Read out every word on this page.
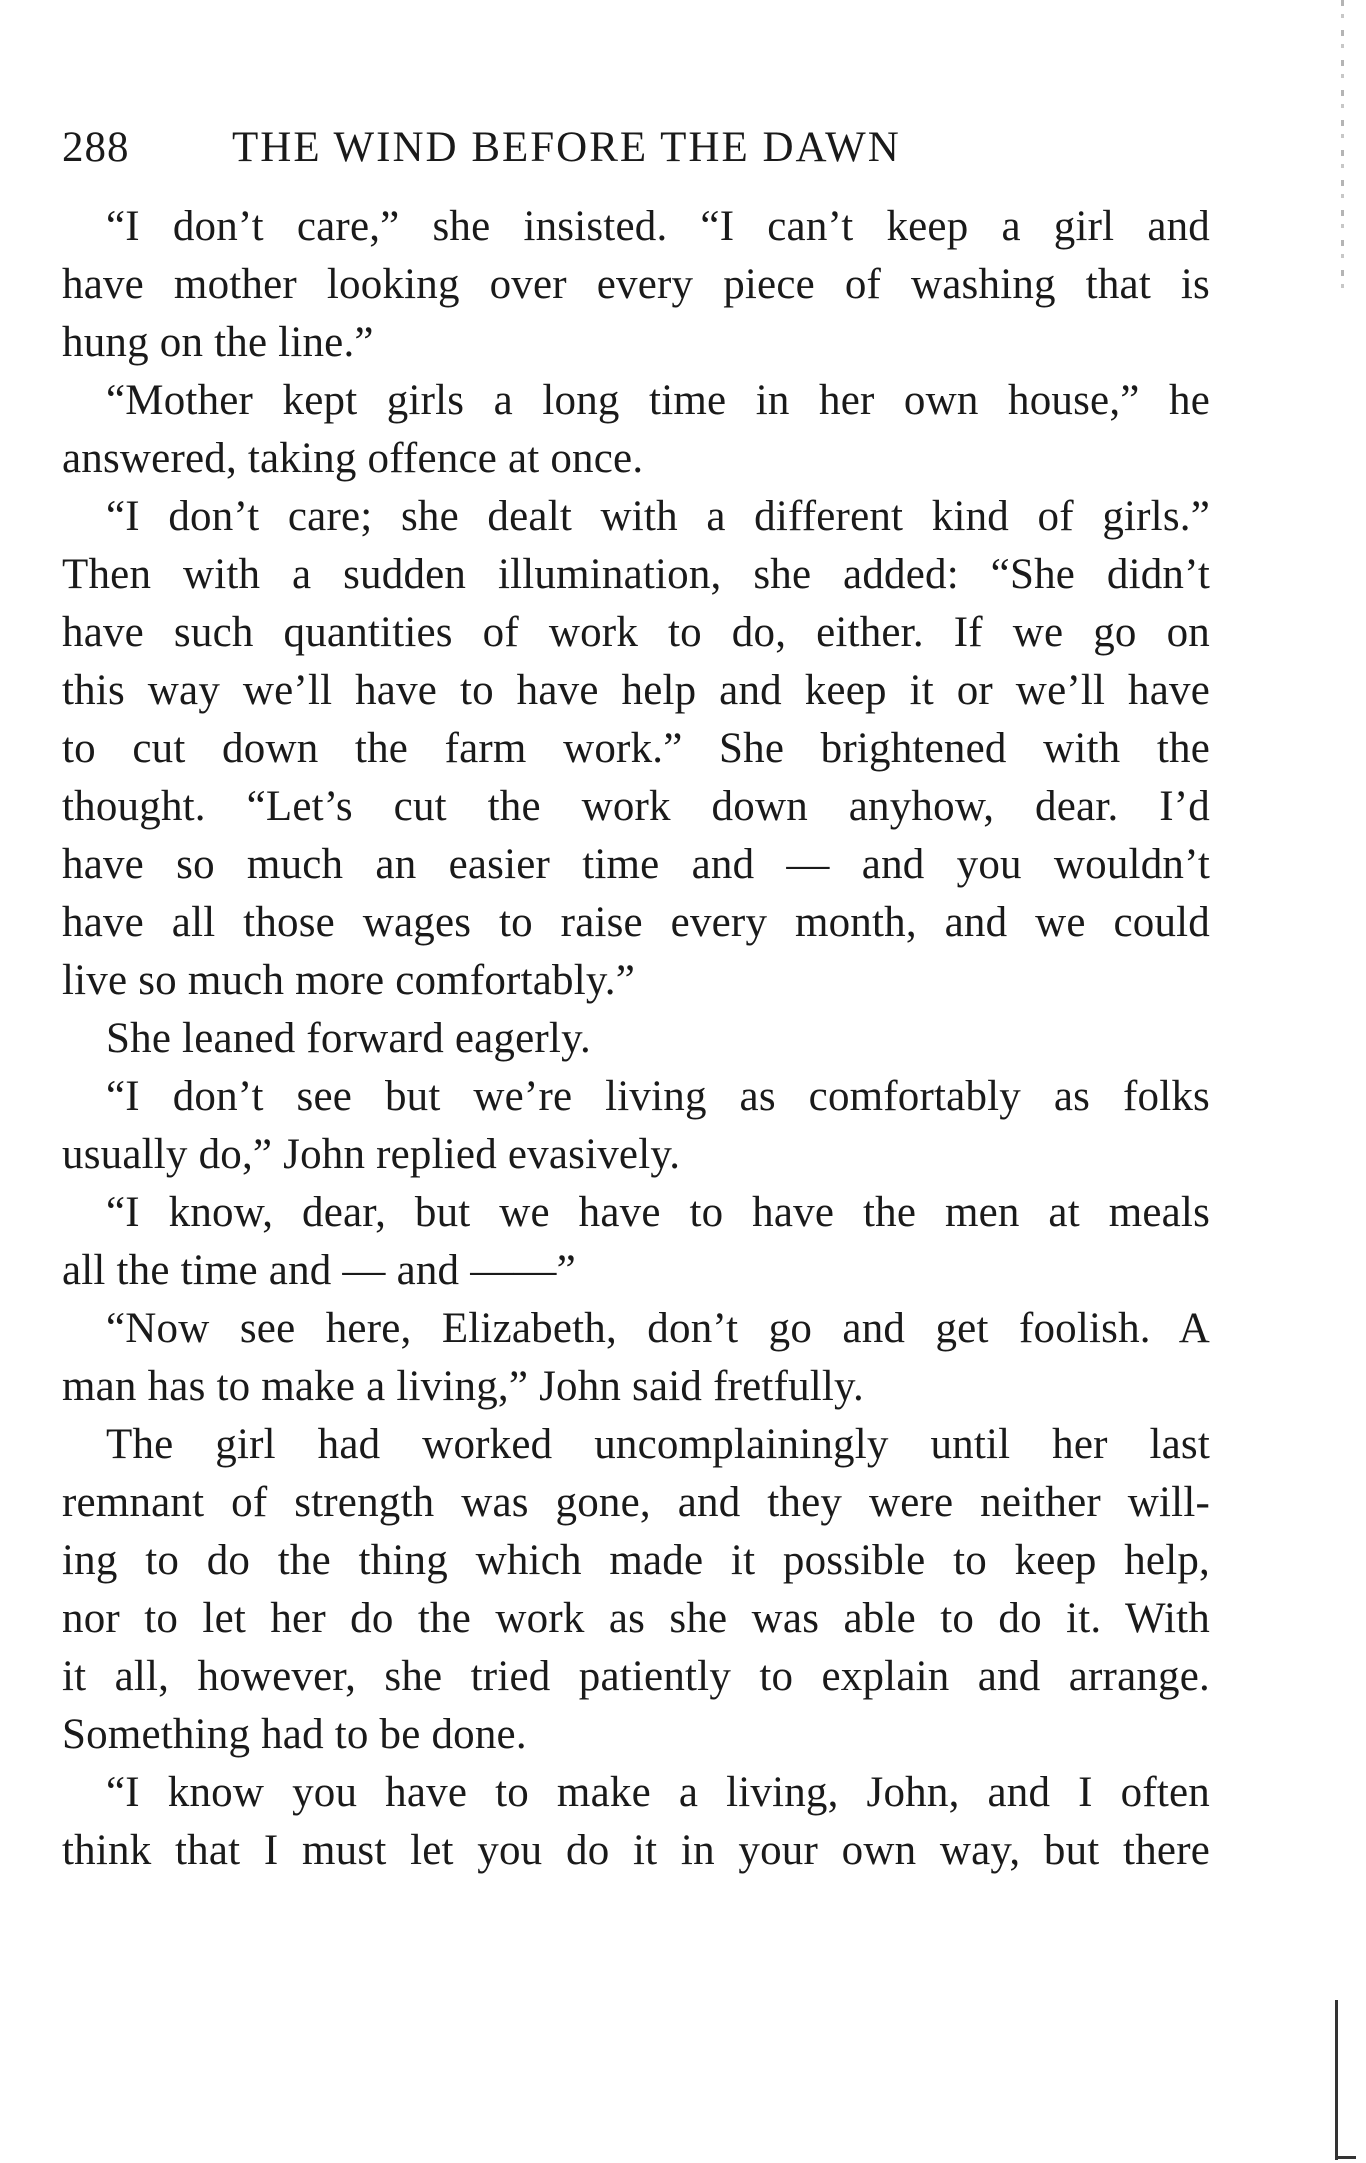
288 THE WIND BEFORE THE DAWN
“I don’t care,” she insisted. “I can’t keep a girl and
have mother looking over every piece of washing that is
hung on the line.”
“Mother kept girls a long time in her own house,” he
answered, taking offence at once.
“I don’t care; she dealt with a different kind of girls.”
Then with a sudden illumination, she added: “She didn’t
have such quantities of work to do, either. If we go on
this way we’ll have to have help and keep it or we’ll have
to cut down the farm work.” She brightened with the
thought. “Let’s cut the work down anyhow, dear. I’d
have so much an easier time and — and you wouldn’t
have all those wages to raise every month, and we could
live so much more comfortably.”
She leaned forward eagerly.
“I don’t see but we’re living as comfortably as folks
usually do,” John replied evasively.
“I know, dear, but we have to have the men at meals
all the time and — and ——”
“Now see here, Elizabeth, don’t go and get foolish. A
man has to make a living,” John said fretfully.
The girl had worked uncomplainingly until her last
remnant of strength was gone, and they were neither will-
ing to do the thing which made it possible to keep help,
nor to let her do the work as she was able to do it. With
it all, however, she tried patiently to explain and arrange.
Something had to be done.
“I know you have to make a living, John, and I often
think that I must let you do it in your own way, but there
